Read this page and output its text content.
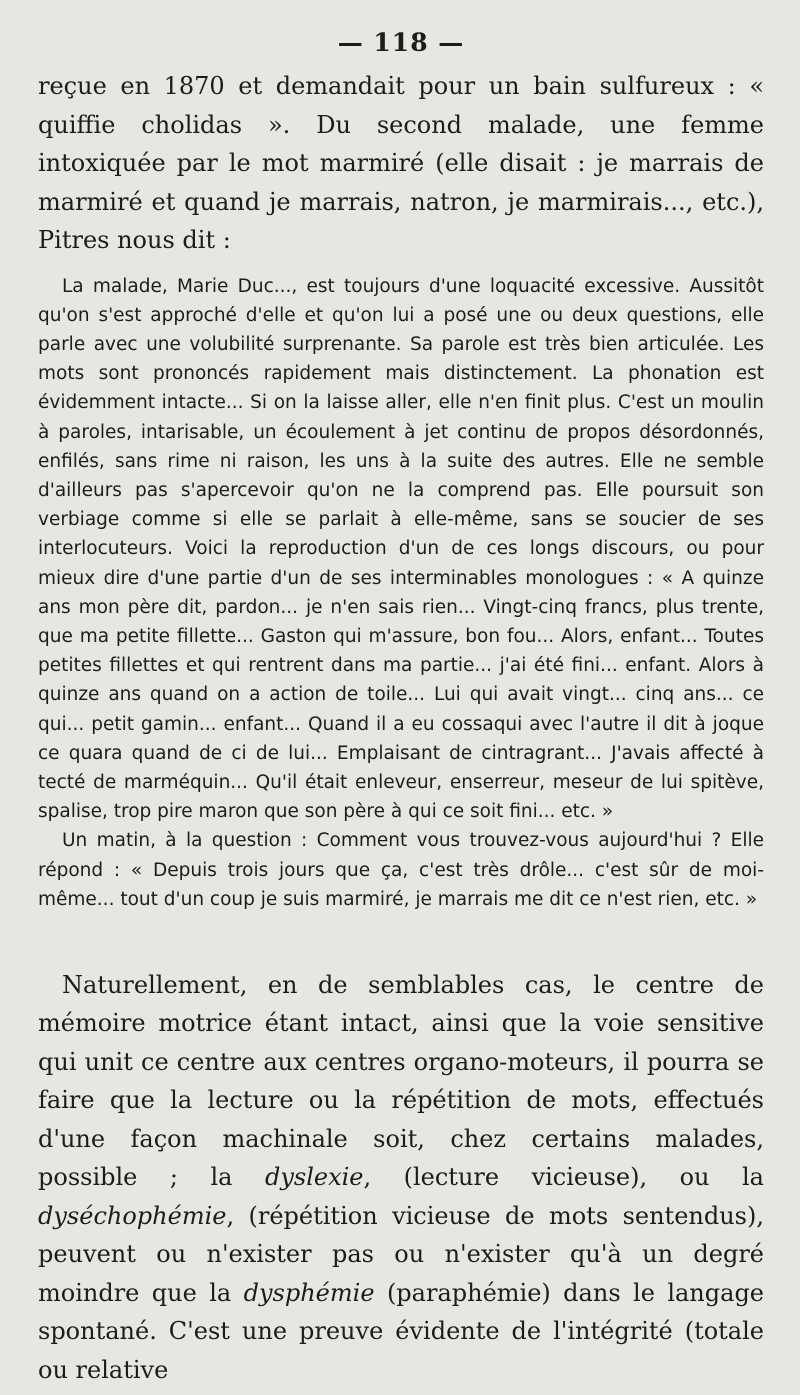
— 118 —

reçue en 1870 et demandait pour un bain sulfureux : « quiffie cholidas ». Du second malade, une femme intoxiquée par le mot marmiré (elle disait : je marrais de marmiré et quand je marrais, natron, je marmirais..., etc.), Pitres nous dit :

La malade, Marie Duc..., est toujours d'une loquacité excessive. Aussitôt qu'on s'est approché d'elle et qu'on lui a posé une ou deux questions, elle parle avec une volubilité surprenante. Sa parole est très bien articulée. Les mots sont prononcés rapidement mais distinctement. La phonation est évidemment intacte... Si on la laisse aller, elle n'en finit plus. C'est un moulin à paroles, intarisable, un écoulement à jet continu de propos désordonnés, enfilés, sans rime ni raison, les uns à la suite des autres. Elle ne semble d'ailleurs pas s'apercevoir qu'on ne la comprend pas. Elle poursuit son verbiage comme si elle se parlait à elle-même, sans se soucier de ses interlocuteurs. Voici la reproduction d'un de ces longs discours, ou pour mieux dire d'une partie d'un de ses interminables monologues : « A quinze ans mon père dit, pardon... je n'en sais rien... Vingt-cinq francs, plus trente, que ma petite fillette... Gaston qui m'assure, bon fou... Alors, enfant... Toutes petites fillettes et qui rentrent dans ma partie... j'ai été fini... enfant. Alors à quinze ans quand on a action de toile... Lui qui avait vingt... cinq ans... ce qui... petit gamin... enfant... Quand il a eu cossaqui avec l'autre il dit à joque ce quara quand de ci de lui... Emplaisant de cintragrant... J'avais affecté à tecté de marméquin... Qu'il était enleveur, enserreur, meseur de lui spitève, spalise, trop pire maron que son père à qui ce soit fini... etc. »

Un matin, à la question : Comment vous trouvez-vous aujourd'hui ? Elle répond : « Depuis trois jours que ça, c'est très drôle... c'est sûr de moi-même... tout d'un coup je suis marmiré, je marrais me dit ce n'est rien, etc. »

Naturellement, en de semblables cas, le centre de mémoire motrice étant intact, ainsi que la voie sensitive qui unit ce centre aux centres organo-moteurs, il pourra se faire que la lecture ou la répétition de mots, effectués d'une façon machinale soit, chez certains malades, possible ; la dyslexie, (lecture vicieuse), ou la dyséchophémie, (répétition vicieuse de mots sentendus), peuvent ou n'exister pas ou n'exister qu'à un degré moindre que la dysphémie (paraphémie) dans le langage spontané. C'est une preuve évidente de l'intégrité (totale ou relative
